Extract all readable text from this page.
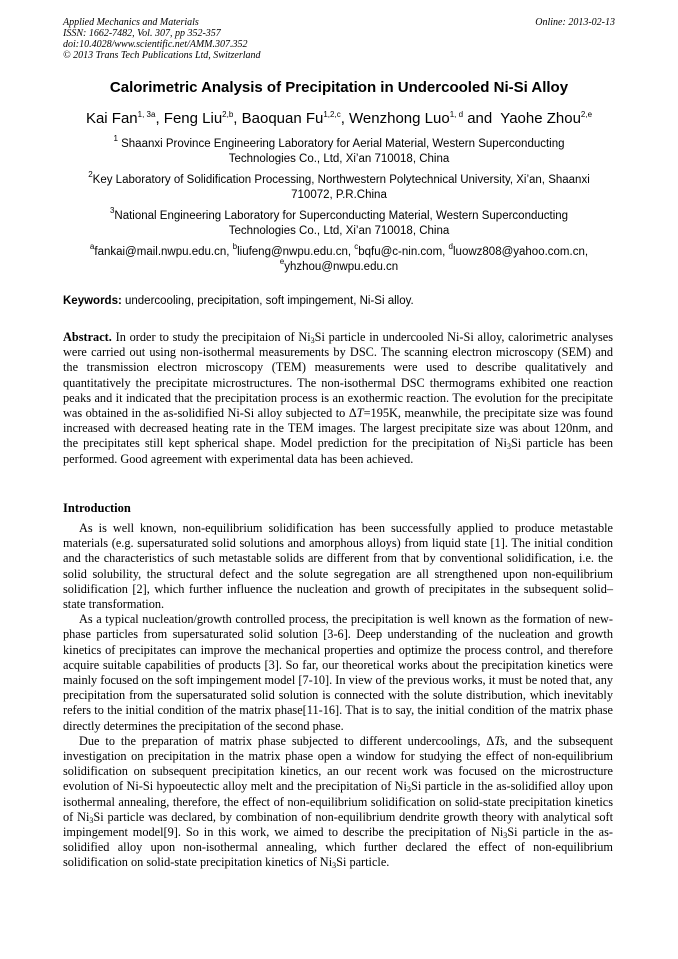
Applied Mechanics and Materials
ISSN: 1662-7482, Vol. 307, pp 352-357
doi:10.4028/www.scientific.net/AMM.307.352
© 2013 Trans Tech Publications Ltd, Switzerland
Online: 2013-02-13
Calorimetric Analysis of Precipitation in Undercooled Ni-Si Alloy
Kai Fan$^{1, 3a}$, Feng Liu$^{2,b}$, Baoquan Fu$^{1,2,c}$, Wenzhong Luo$^{1, d}$ and  Yaohe Zhou$^{2,e}$
$^1$ Shaanxi Province Engineering Laboratory for Aerial Material, Western Superconducting
Technologies Co., Ltd, Xi’an 710018, China
$^2$Key Laboratory of Solidification Processing, Northwestern Polytechnical University, Xi’an, Shaanxi
710072, P.R.China
$^3$National Engineering Laboratory for Superconducting Material, Western Superconducting
Technologies Co., Ltd, Xi’an 710018, China
$^a$fankai@mail.nwpu.edu.cn, $^b$liufeng@nwpu.edu.cn, $^c$bqfu@c-nin.com, $^d$luowz808@yahoo.com.cn,
$^e$yhzhou@nwpu.edu.cn
Keywords: undercooling, precipitation, soft impingement, Ni-Si alloy.
Abstract. In order to study the precipitaion of $Ni_3Si$ particle in undercooled Ni-Si alloy, calorimetric analyses were carried out using non-isothermal measurements by DSC. The scanning electron microscopy (SEM) and the transmission electron microscopy (TEM) measurements were used to describe qualitatively and quantitatively the precipitate microstructures. The non-isothermal DSC thermograms exhibited one reaction peaks and it indicated that the precipitation process is an exothermic reaction. The evolution for the precipitate was obtained in the as-solidified Ni-Si alloy subjected to ΔT=195K, meanwhile, the precipitate size was found increased with decreased heating rate in the TEM images. The largest precipitate size was about 120nm, and the precipitates still kept spherical shape. Model prediction for the precipitation of $Ni_3Si$ particle has been performed. Good agreement with experimental data has been achieved.
Introduction

As is well known, non-equilibrium solidification has been successfully applied to produce metastable materials (e.g. supersaturated solid solutions and amorphous alloys) from liquid state [1]. The initial condition and the characteristics of such metastable solids are different from that by conventional solidification, i.e. the solid solubility, the structural defect and the solute segregation are all strengthened upon non-equilibrium solidification [2], which further influence the nucleation and growth of precipitates in the subsequent solid–state transformation.

As a typical nucleation/growth controlled process, the precipitation is well known as the formation of new-phase particles from supersaturated solid solution [3-6]. Deep understanding of the nucleation and growth kinetics of precipitates can improve the mechanical properties and optimize the process control, and therefore acquire suitable capabilities of products [3]. So far, our theoretical works about the precipitation kinetics were mainly focused on the soft impingement model [7-10]. In view of the previous works, it must be noted that, any precipitation from the supersaturated solid solution is connected with the solute distribution, which inevitably refers to the initial condition of the matrix phase[11-16]. That is to say, the initial condition of the matrix phase directly determines the precipitation of the second phase.

Due to the preparation of matrix phase subjected to different undercoolings, ΔTs, and the subsequent investigation on precipitation in the matrix phase open a window for studying the effect of non-equilibrium solidification on subsequent precipitation kinetics, an our recent work was focused on the microstructure evolution of Ni-Si hypoeutectic alloy melt and the precipitation of $Ni_3Si$ particle in the as-solidified alloy upon isothermal annealing, therefore, the effect of non-equilibrium solidification on solid-state precipitation kinetics of $Ni_3Si$ particle was declared, by combination of non-equilibrium dendrite growth theory with analytical soft impingement model[9]. So in this work, we aimed to describe the precipitation of $Ni_3Si$ particle in the as-solidified alloy upon non-isothermal annealing, which further declared the effect of non-equilibrium solidification on solid-state precipitation kinetics of $Ni_3Si$ particle.
